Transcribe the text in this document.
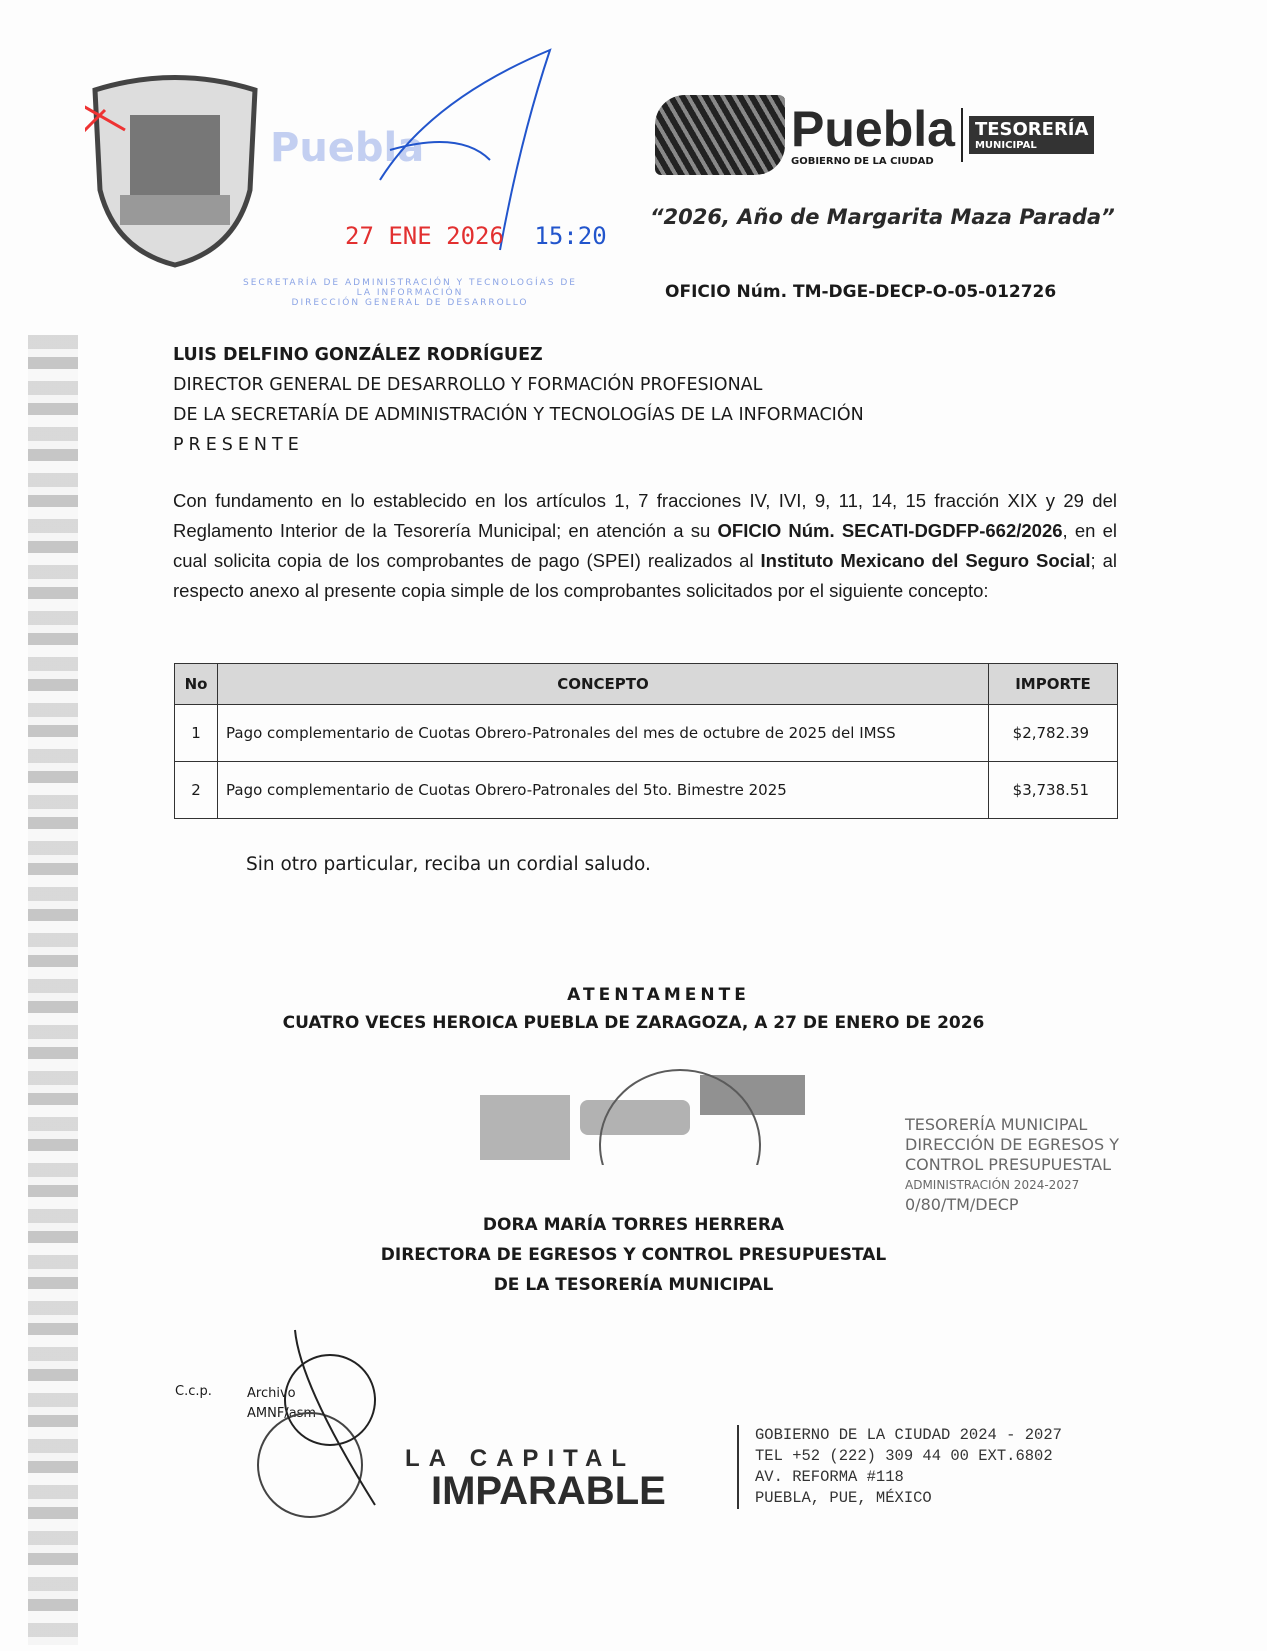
Puebla
27 ENE 2026 15:20
SECRETARÍA DE ADMINISTRACIÓN Y TECNOLOGÍAS DE LA INFORMACIÓN
DIRECCIÓN GENERAL DE DESARROLLO
Puebla
GOBIERNO DE LA CIUDAD
TESORERÍA
MUNICIPAL
“2026, Año de Margarita Maza Parada”
OFICIO Núm. TM-DGE-DECP-O-05-012726
LUIS DELFINO GONZÁLEZ RODRÍGUEZ
DIRECTOR GENERAL DE DESARROLLO Y FORMACIÓN PROFESIONAL
DE LA SECRETARÍA DE ADMINISTRACIÓN Y TECNOLOGÍAS DE LA INFORMACIÓN
PRESENTE
Con fundamento en lo establecido en los artículos 1, 7 fracciones IV, IVI, 9, 11, 14, 15 fracción XIX y 29 del Reglamento Interior de la Tesorería Municipal; en atención a su OFICIO Núm. SECATI-DGDFP-662/2026, en el cual solicita copia de los comprobantes de pago (SPEI) realizados al Instituto Mexicano del Seguro Social; al respecto anexo al presente copia simple de los comprobantes solicitados por el siguiente concepto:
No	CONCEPTO	IMPORTE
1	Pago complementario de Cuotas Obrero-Patronales del mes de octubre de 2025 del IMSS	$2,782.39
2	Pago complementario de Cuotas Obrero-Patronales del 5to. Bimestre 2025	$3,738.51
Sin otro particular, reciba un cordial saludo.
ATENTAMENTE
CUATRO VECES HEROICA PUEBLA DE ZARAGOZA, A 27 DE ENERO DE 2026
TESORERÍA MUNICIPAL
DIRECCIÓN DE EGRESOS Y
CONTROL PRESUPUESTAL
ADMINISTRACIÓN 2024-2027
0/80/TM/DECP
DORA MARÍA TORRES HERRERA
DIRECTORA DE EGRESOS Y CONTROL PRESUPUESTAL
DE LA TESORERÍA MUNICIPAL
C.c.p.	Archivo
AMNF/asm
LA CAPITAL
IMPARABLE
GOBIERNO DE LA CIUDAD 2024 - 2027
TEL +52 (222) 309 44 00 EXT.6802
AV. REFORMA #118
PUEBLA, PUE, MÉXICO
